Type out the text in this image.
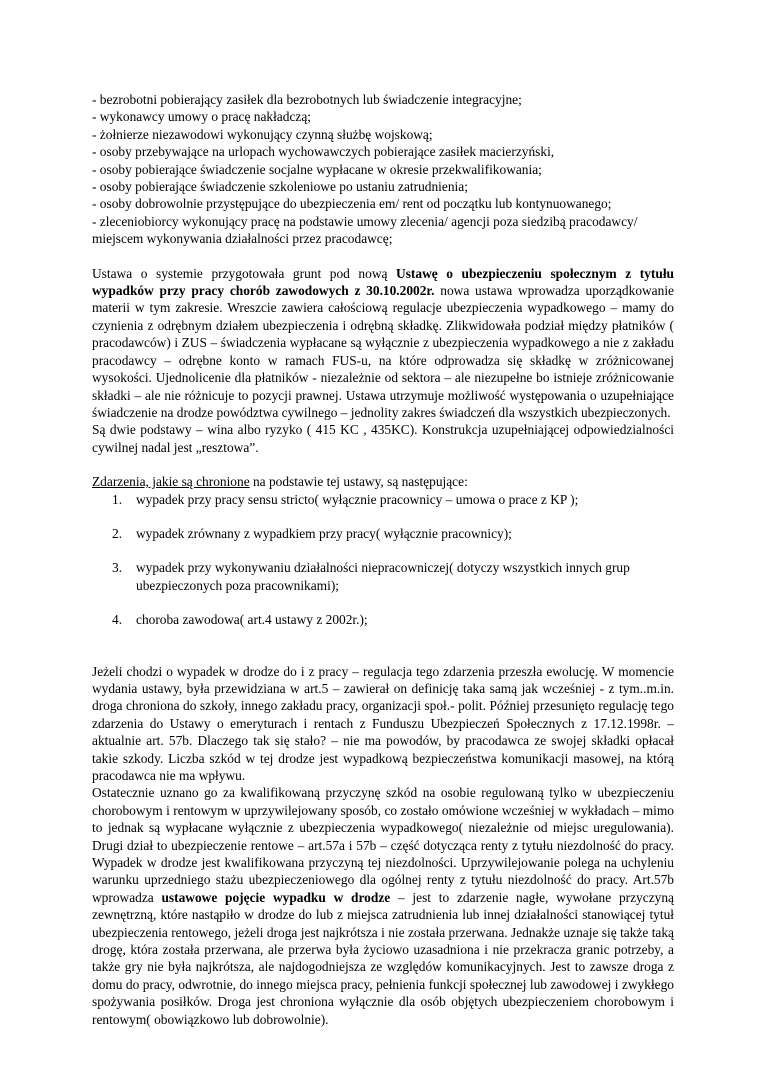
- bezrobotni pobierający zasiłek dla bezrobotnych lub świadczenie integracyjne;

- wykonawcy umowy o pracę nakładczą;

- żołnierze niezawodowi wykonujący czynną służbę wojskową;

- osoby przebywające na urlopach wychowawczych pobierające zasiłek macierzyński,

- osoby pobierające świadczenie socjalne wypłacane w okresie przekwalifikowania;

- osoby pobierające świadczenie szkoleniowe po ustaniu zatrudnienia;

- osoby dobrowolnie przystępujące do ubezpieczenia em/ rent od początku lub kontynuowanego;

- zleceniobiorcy wykonujący pracę na podstawie umowy zlecenia/ agencji poza siedzibą pracodawcy/ miejscem wykonywania działalności przez pracodawcę;

Ustawa o systemie przygotowała grunt pod nową Ustawę o ubezpieczeniu społecznym z tytułu wypadków przy pracy chorób zawodowych z 30.10.2002r. nowa ustawa wprowadza uporządkowanie materii w tym zakresie. Wreszcie zawiera całościową regulacje ubezpieczenia wypadkowego – mamy do czynienia z odrębnym działem ubezpieczenia i odrębną składkę. Zlikwidowała podział między płatników ( pracodawców) i ZUS – świadczenia wypłacane są wyłącznie z ubezpieczenia wypadkowego a nie z zakładu pracodawcy – odrębne konto w ramach FUS-u, na które odprowadza się składkę w zróżnicowanej wysokości. Ujednolicenie dla płatników - niezależnie od sektora – ale niezupełne bo istnieje zróżnicowanie składki – ale nie różnicuje to pozycji prawnej. Ustawa utrzymuje możliwość występowania o uzupełniające świadczenie na drodze powództwa cywilnego – jednolity zakres świadczeń dla wszystkich ubezpieczonych.

Są dwie podstawy – wina albo ryzyko ( 415 KC , 435KC). Konstrukcja uzupełniającej odpowiedzialności cywilnej nadal jest „resztowa”.

Zdarzenia, jakie są chronione na podstawie tej ustawy, są następujące:

1. wypadek przy pracy sensu stricto( wyłącznie pracownicy – umowa o prace z KP );
2. wypadek zrównany z wypadkiem przy pracy( wyłącznie pracownicy);
3. wypadek przy wykonywaniu działalności niepracowniczej( dotyczy wszystkich innych grup ubezpieczonych poza pracownikami);
4. choroba zawodowa( art.4 ustawy z 2002r.);

Jeżeli chodzi o wypadek w drodze do i z pracy – regulacja tego zdarzenia przeszła ewolucję. W momencie wydania ustawy, była przewidziana w art.5 – zawierał on definicję taka samą jak wcześniej - z tym..m.in. droga chroniona do szkoły, innego zakładu pracy, organizacji społ.- polit. Później przesunięto regulację tego zdarzenia do Ustawy o emeryturach i rentach z Funduszu Ubezpieczeń Społecznych z 17.12.1998r. – aktualnie art. 57b. Dlaczego tak się stało? – nie ma powodów, by pracodawca ze swojej składki opłacał takie szkody. Liczba szkód w tej drodze jest wypadkową bezpieczeństwa komunikacji masowej, na którą pracodawca nie ma wpływu.

Ostatecznie uznano go za kwalifikowaną przyczynę szkód na osobie regulowaną tylko w ubezpieczeniu chorobowym i rentowym w uprzywilejowany sposób, co zostało omówione wcześniej w wykładach – mimo to jednak są wypłacane wyłącznie z ubezpieczenia wypadkowego( niezależnie od miejsc uregulowania). Drugi dział to ubezpieczenie rentowe – art.57a i 57b – część dotycząca renty z tytułu niezdolność do pracy. Wypadek w drodze jest kwalifikowana przyczyną tej niezdolności. Uprzywilejowanie polega na uchyleniu warunku uprzedniego stażu ubezpieczeniowego dla ogólnej renty z tytułu niezdolność do pracy. Art.57b wprowadza ustawowe pojęcie wypadku w drodze – jest to zdarzenie nagłe, wywołane przyczyną zewnętrzną, które nastąpiło w drodze do lub z miejsca zatrudnienia lub innej działalności stanowiącej tytuł ubezpieczenia rentowego, jeżeli droga jest najkrótsza i nie została przerwana. Jednakże uznaje się także taką drogę, która została przerwana, ale przerwa była życiowo uzasadniona i nie przekracza granic potrzeby, a także gry nie była najkrótsza, ale najdogodniejsza ze względów komunikacyjnych. Jest to zawsze droga z domu do pracy, odwrotnie, do innego miejsca pracy, pełnienia funkcji społecznej lub zawodowej i zwykłego spożywania posiłków. Droga jest chroniona wyłącznie dla osób objętych ubezpieczeniem chorobowym i rentowym( obowiązkowo lub dobrowolnie).
